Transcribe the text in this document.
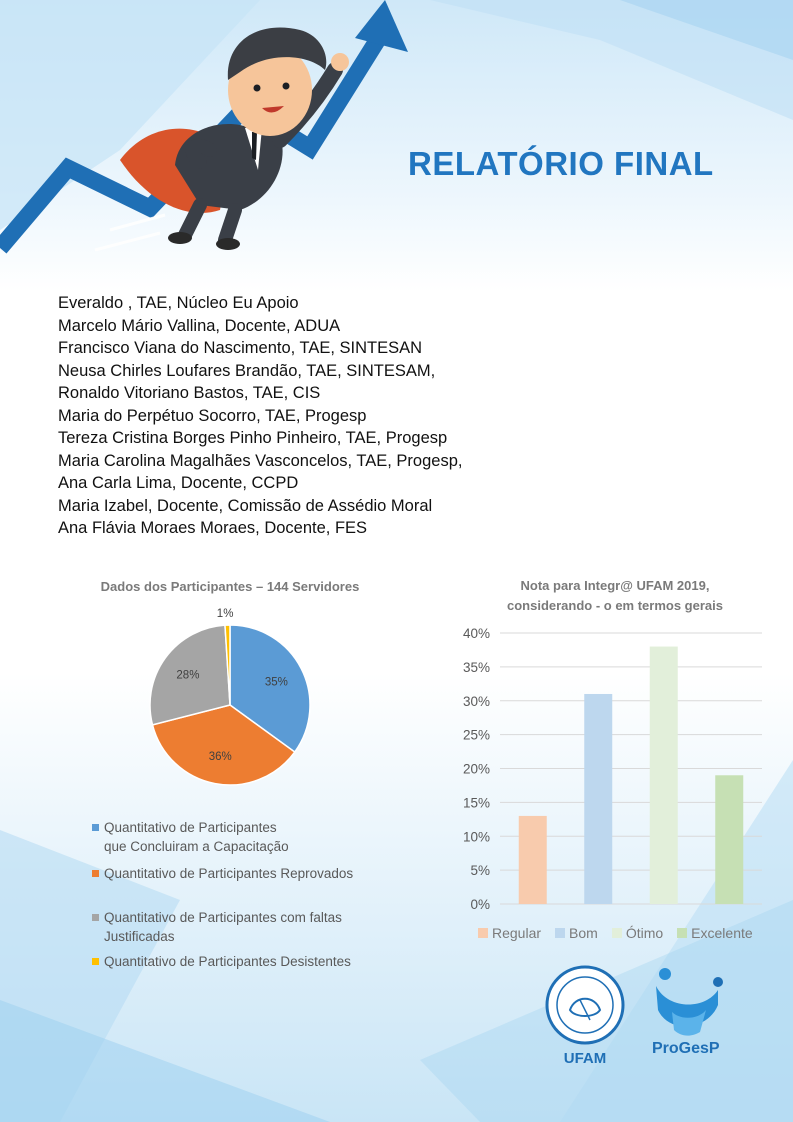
RELATÓRIO FINAL
Everaldo , TAE, Núcleo Eu Apoio
Marcelo Mário Vallina, Docente, ADUA
Francisco Viana do Nascimento, TAE, SINTESAN
Neusa Chirles Loufares Brandão, TAE, SINTESAM,
Ronaldo Vitoriano Bastos, TAE, CIS
Maria do Perpétuo Socorro, TAE, Progesp
Tereza Cristina Borges Pinho Pinheiro, TAE, Progesp
Maria Carolina Magalhães Vasconcelos, TAE, Progesp,
Ana Carla Lima, Docente, CCPD
Maria Izabel, Docente, Comissão de Assédio Moral
Ana Flávia Moraes Moraes, Docente, FES
Dados dos Participantes – 144 Servidores
35%
36%
28%
1%
Quantitativo de Participantes
que Concluiram a Capacitação
Quantitativo de Participantes Reprovados
Quantitativo de Participantes com faltas
Justificadas
Quantitativo de Participantes Desistentes
Nota para Integr@ UFAM 2019,
considerando - o em termos gerais
0%
5%
10%
15%
20%
25%
30%
35%
40%
Regular Bom Ótimo Excelente
UFAM
ProGesP
